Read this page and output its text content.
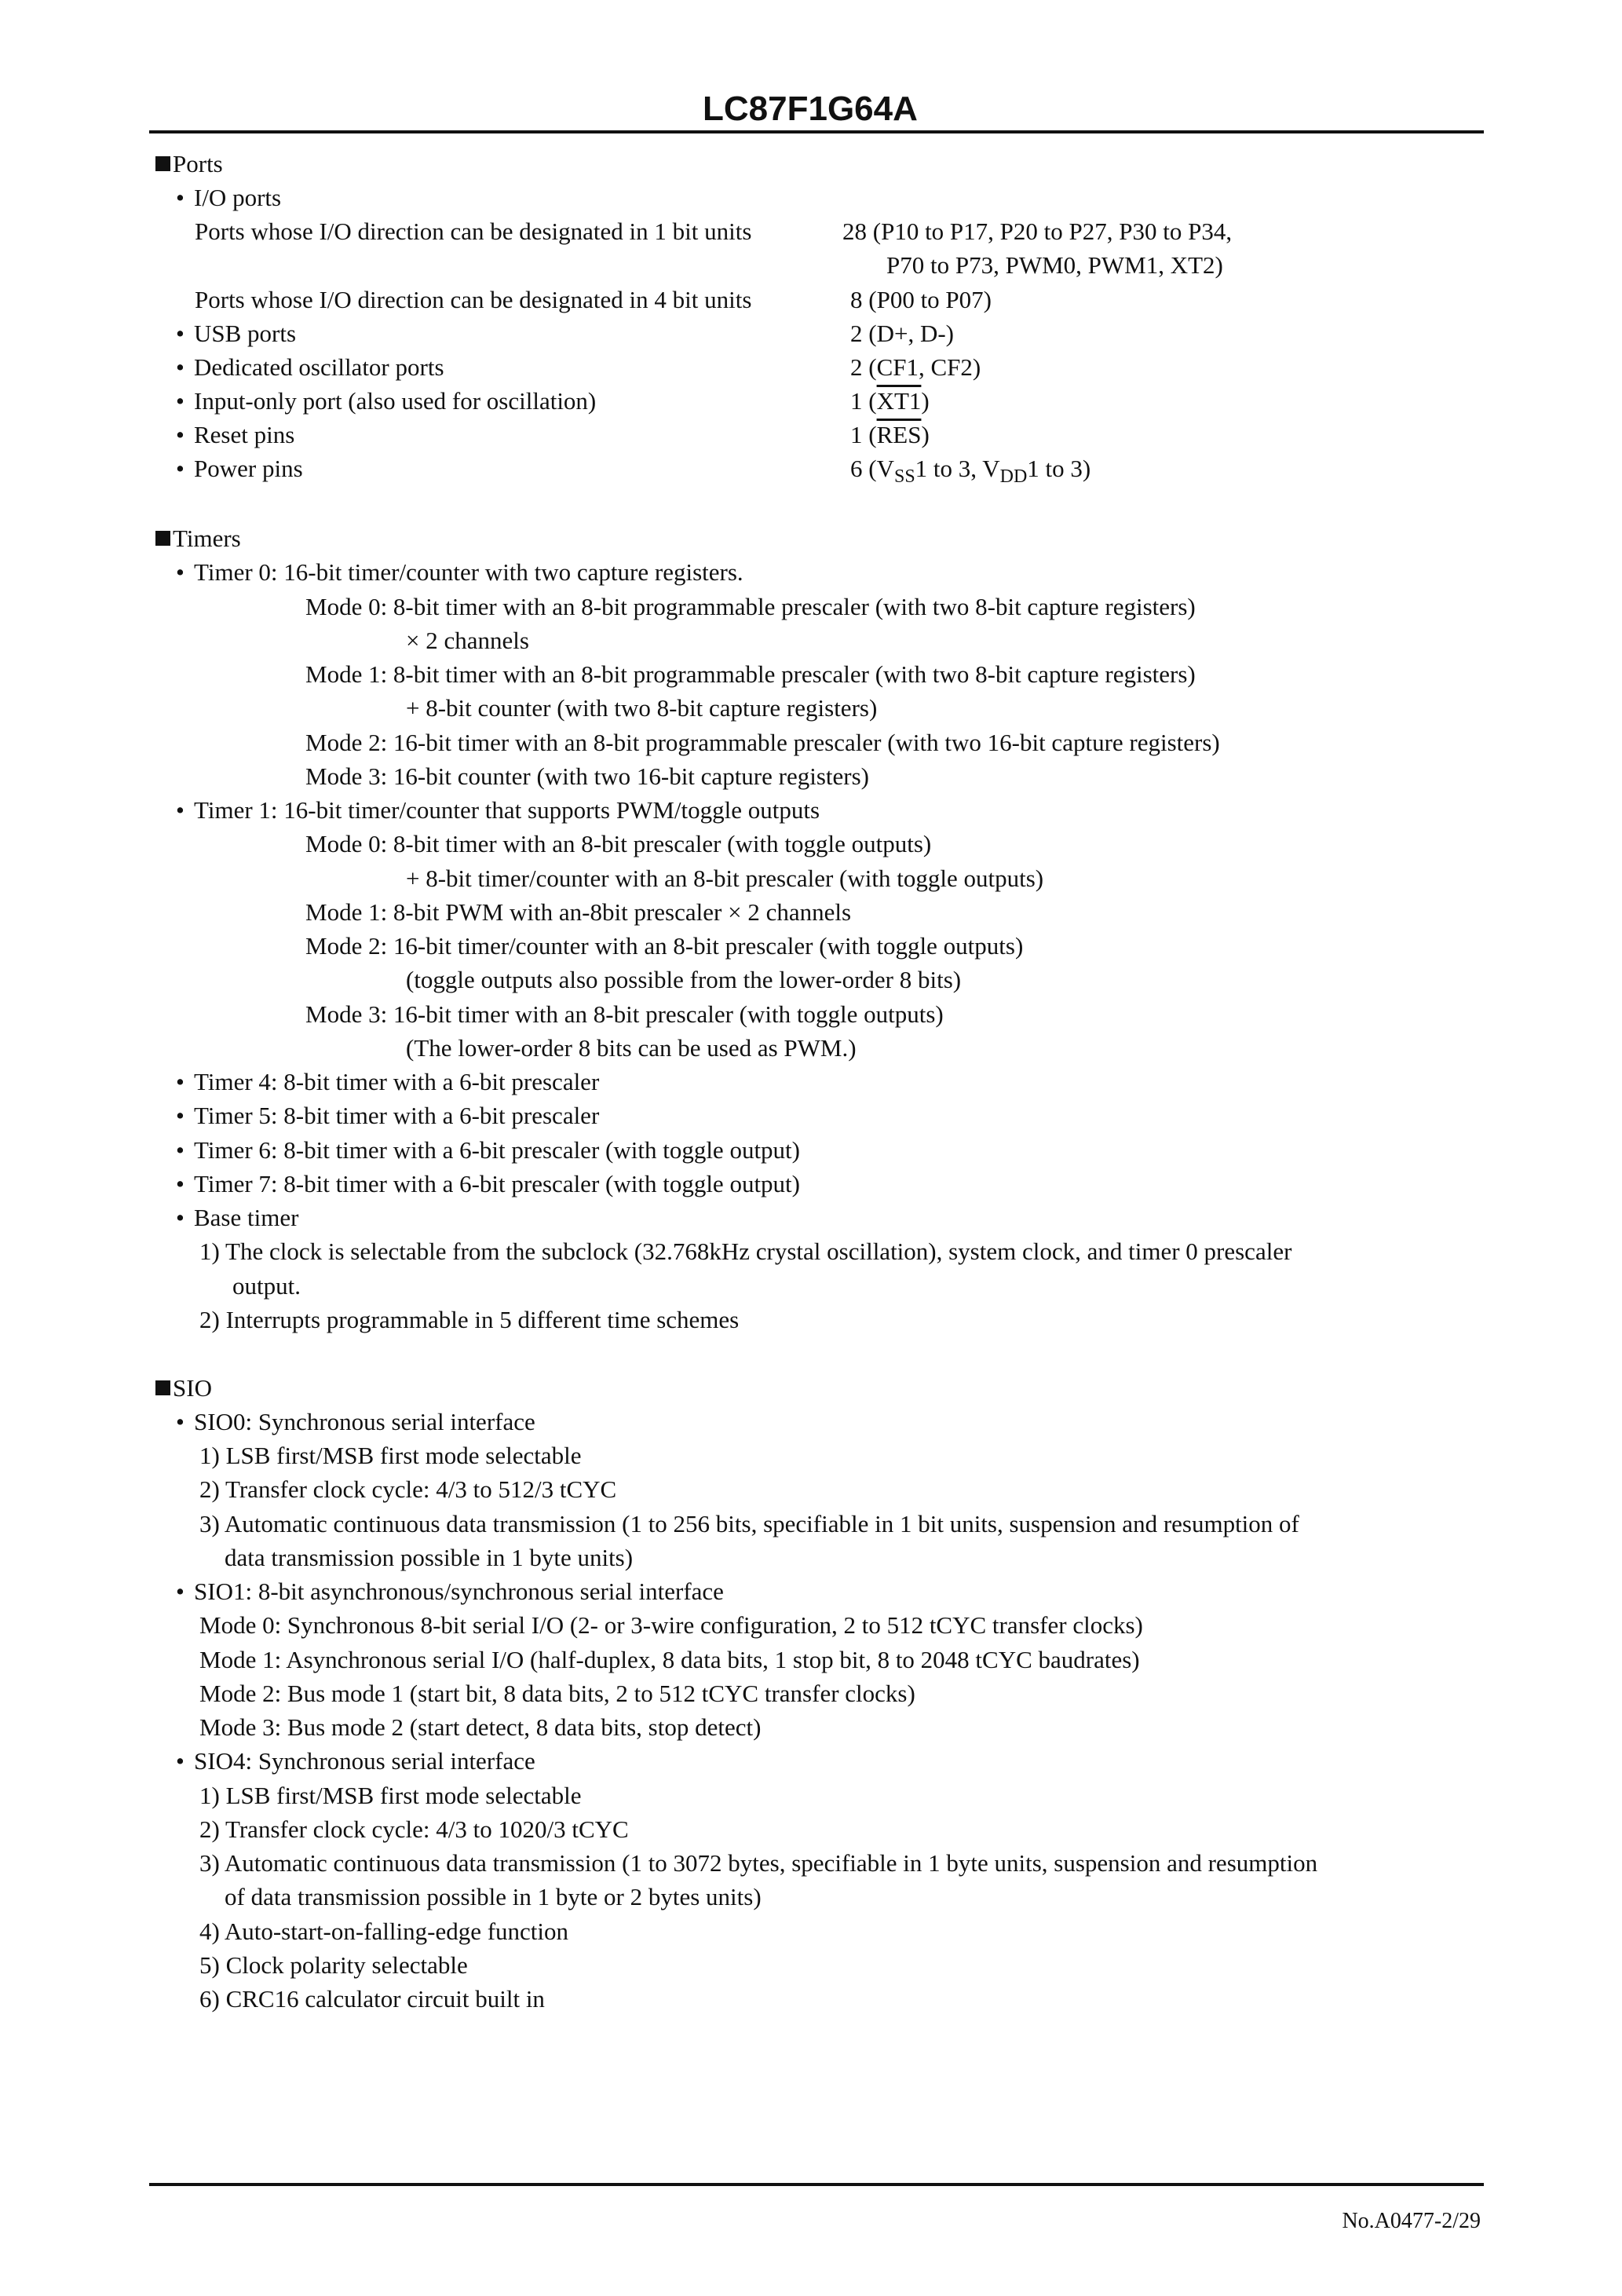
LC87F1G64A
Ports
• I/O ports
Ports whose I/O direction can be designated in 1 bit units	28 (P10 to P17, P20 to P27, P30 to P34,
P70 to P73, PWM0, PWM1, XT2)
Ports whose I/O direction can be designated in 4 bit units	8 (P00 to P07)
• USB ports	2 (D+, D-)
• Dedicated oscillator ports	2 (CF1, CF2)
• Input-only port (also used for oscillation)	1 (XT1)
• Reset pins	1 $(\overline{RES})$
• Power pins	6 ($V_{SS}1$ to 3, $V_{DD}1$ to 3)
Timers
• Timer 0: 16-bit timer/counter with two capture registers.
Mode 0: 8-bit timer with an 8-bit programmable prescaler (with two 8-bit capture registers)
× 2 channels
Mode 1: 8-bit timer with an 8-bit programmable prescaler (with two 8-bit capture registers)
+ 8-bit counter (with two 8-bit capture registers)
Mode 2: 16-bit timer with an 8-bit programmable prescaler (with two 16-bit capture registers)
Mode 3: 16-bit counter (with two 16-bit capture registers)
• Timer 1: 16-bit timer/counter that supports PWM/toggle outputs
Mode 0: 8-bit timer with an 8-bit prescaler (with toggle outputs)
+ 8-bit timer/counter with an 8-bit prescaler (with toggle outputs)
Mode 1: 8-bit PWM with an-8bit prescaler × 2 channels
Mode 2: 16-bit timer/counter with an 8-bit prescaler (with toggle outputs)
(toggle outputs also possible from the lower-order 8 bits)
Mode 3: 16-bit timer with an 8-bit prescaler (with toggle outputs)
(The lower-order 8 bits can be used as PWM.)
• Timer 4: 8-bit timer with a 6-bit prescaler
• Timer 5: 8-bit timer with a 6-bit prescaler
• Timer 6: 8-bit timer with a 6-bit prescaler (with toggle output)
• Timer 7: 8-bit timer with a 6-bit prescaler (with toggle output)
• Base timer
1) The clock is selectable from the subclock (32.768kHz crystal oscillation), system clock, and timer 0 prescaler
output.
2) Interrupts programmable in 5 different time schemes
SIO
• SIO0: Synchronous serial interface
1) LSB first/MSB first mode selectable
2) Transfer clock cycle: 4/3 to 512/3 tCYC
3) Automatic continuous data transmission (1 to 256 bits, specifiable in 1 bit units, suspension and resumption of
data transmission possible in 1 byte units)
• SIO1: 8-bit asynchronous/synchronous serial interface
Mode 0: Synchronous 8-bit serial I/O (2- or 3-wire configuration, 2 to 512 tCYC transfer clocks)
Mode 1: Asynchronous serial I/O (half-duplex, 8 data bits, 1 stop bit, 8 to 2048 tCYC baudrates)
Mode 2: Bus mode 1 (start bit, 8 data bits, 2 to 512 tCYC transfer clocks)
Mode 3: Bus mode 2 (start detect, 8 data bits, stop detect)
• SIO4: Synchronous serial interface
1) LSB first/MSB first mode selectable
2) Transfer clock cycle: 4/3 to 1020/3 tCYC
3) Automatic continuous data transmission (1 to 3072 bytes, specifiable in 1 byte units, suspension and resumption
of data transmission possible in 1 byte or 2 bytes units)
4) Auto-start-on-falling-edge function
5) Clock polarity selectable
6) CRC16 calculator circuit built in
No.A0477-2/29
